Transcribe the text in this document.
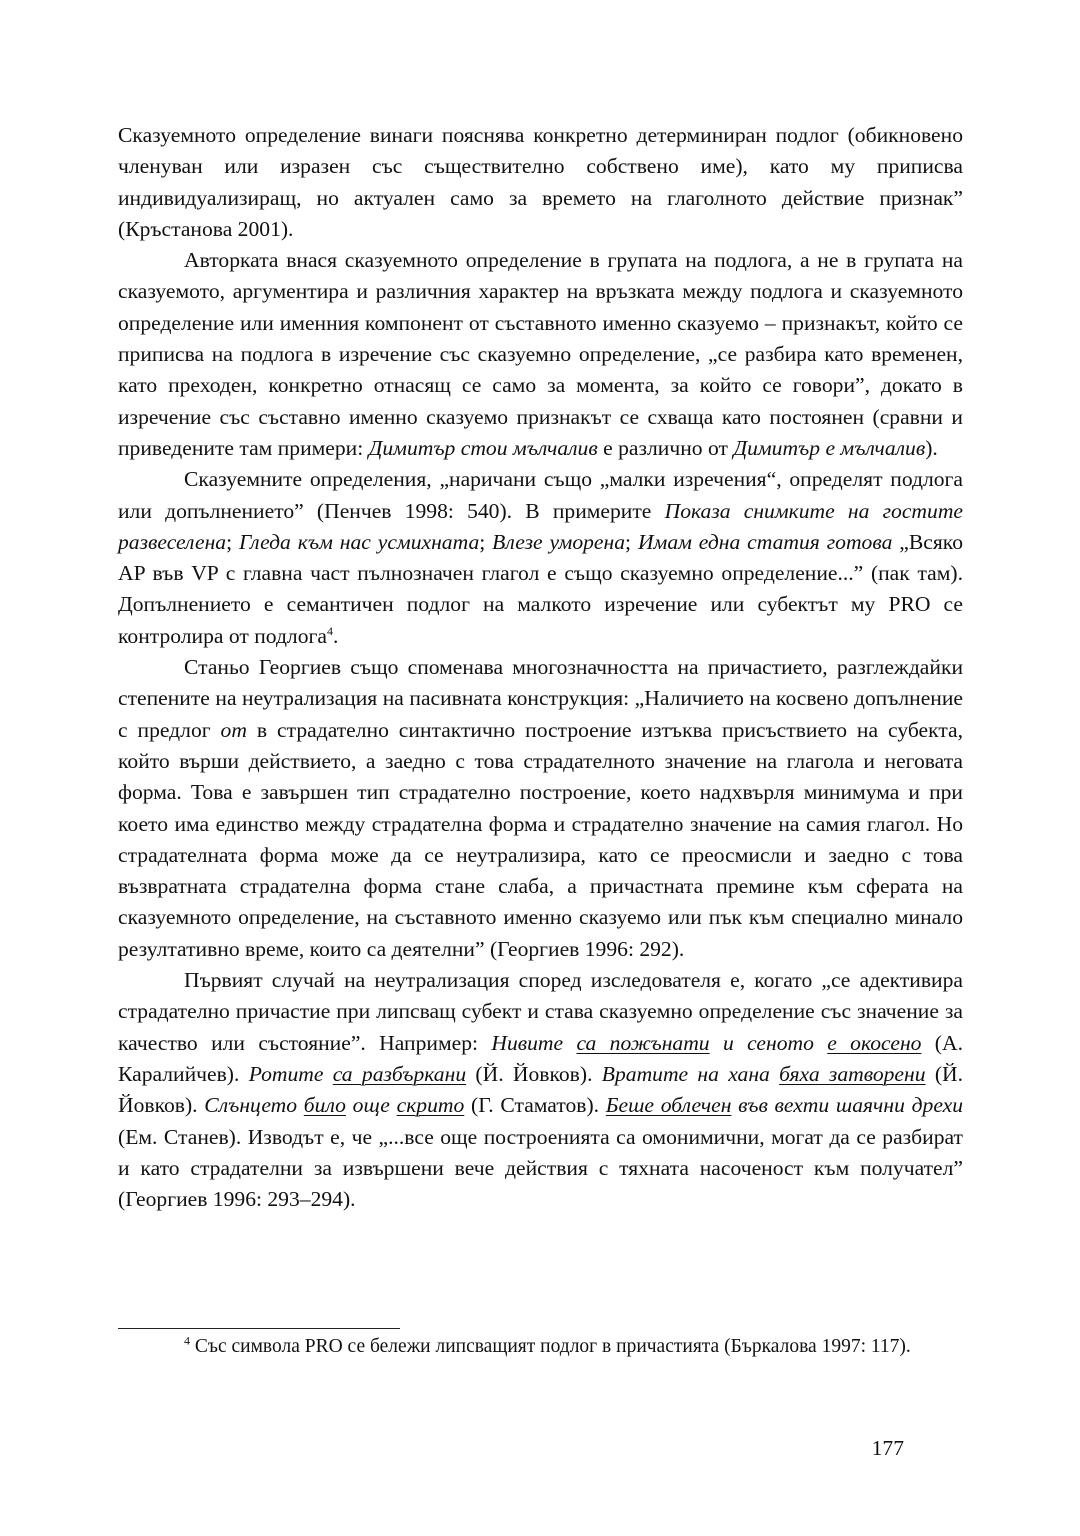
Сказуемното определение винаги пояснява конкретно детерминиран подлог (обикновено членуван или изразен със съществително собствено име), като му приписва индивидуализиращ, но актуален само за времето на глаголното действие признак” (Кръстанова 2001).

Авторката внася сказуемното определение в групата на подлога, а не в групата на сказуемото, аргументира и различния характер на връзката между подлога и сказуемното определение или именния компонент от съставното именно сказуемо – признакът, който се приписва на подлога в изречение със сказуемно определение, „се разбира като временен, като преходен, конкретно отнасящ се само за момента, за който се говори”, докато в изречение със съставно именно сказуемо признакът се схваща като постоянен (сравни и приведените там примери: Димитър стои мълчалив е различно от Димитър е мълчалив).

Сказуемните определения, „наричани също „малки изречения“, определят подлога или допълнението” (Пенчев 1998: 540). В примерите Показа снимките на гостите развеселена; Гледа към нас усмихната; Влезе уморена; Имам една статия готова „Всяко AP във VP с главна част пълнозначен глагол е също сказуемно определение...” (пак там). Допълнението е семантичен подлог на малкото изречение или субектът му PRO се контролира от подлога$^4$.

Станьо Георгиев също споменава многозначността на причастието, разглеждайки степените на неутрализация на пасивната конструкция: „Наличието на косвено допълнение с предлог от в страдателно синтактично построение изтъква присъствието на субекта, който върши действието, а заедно с това страдателното значение на глагола и неговата форма. Това е завършен тип страдателно построение, което надхвърля минимума и при което има единство между страдателна форма и страдателно значение на самия глагол. Но страдателната форма може да се неутрализира, като се преосмисли и заедно с това възвратната страдателна форма стане слаба, а причастната премине към сферата на сказуемното определение, на съставното именно сказуемо или пък към специално минало резултативно време, които са деятелни” (Георгиев 1996: 292).

Първият случай на неутрализация според изследователя е, когато „се адективира страдателно причастие при липсващ субект и става сказуемно определение със значение за качество или състояние”. Например: Нивите са пожънати и сеното е окосено (А. Каралийчев). Ротите са разбъркани (Й. Йовков). Вратите на хана бяха затворени (Й. Йовков). Слънцето било още скрито (Г. Стаматов). Беше облечен във вехти шаячни дрехи (Ем. Станев). Изводът е, че „...все още построенията са омонимични, могат да се разбират и като страдателни за извършени вече действия с тяхната насоченост към получател” (Георгиев 1996: 293–294).

$^4$ Със символа PRO се бележи липсващият подлог в причастията (Бъркалова 1997: 117).

177
